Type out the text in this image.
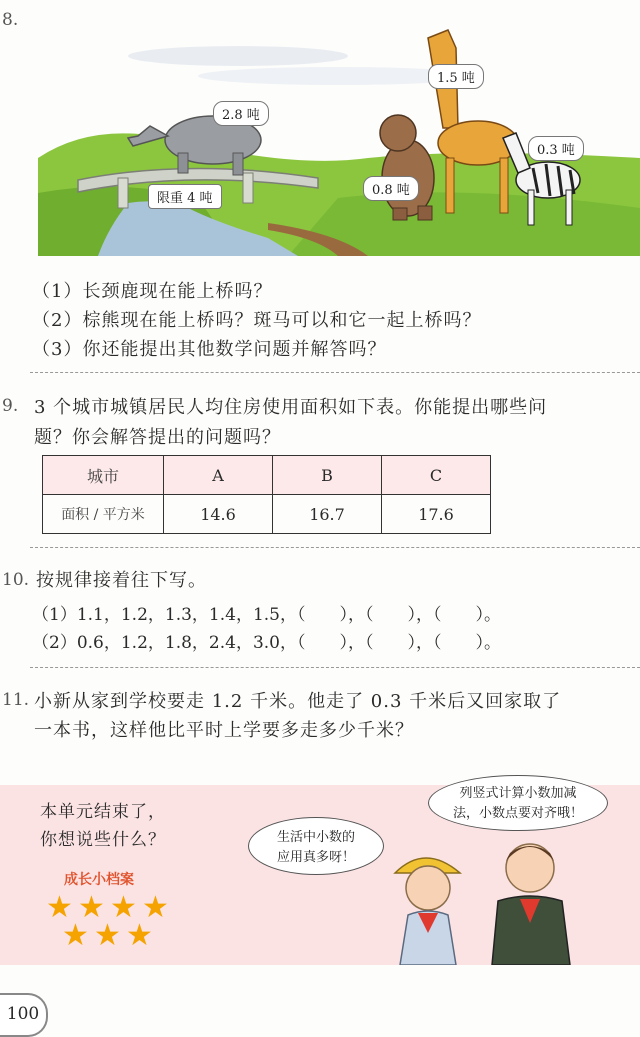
8.
2.8 吨
1.5 吨
0.8 吨
0.3 吨
限重 4 吨
（1）长颈鹿现在能上桥吗？
（2）棕熊现在能上桥吗？斑马可以和它一起上桥吗？
（3）你还能提出其他数学问题并解答吗？
9. 3 个城市城镇居民人均住房使用面积如下表。你能提出哪些问
题？你会解答提出的问题吗？
城市	A	B	C
面积 / 平方米	14.6	16.7	17.6
10. 按规律接着往下写。
（1）1.1，1.2，1.3，1.4，1.5，（　　），（　　），（　　）。
（2）0.6，1.2，1.8，2.4，3.0，（　　），（　　），（　　）。
11. 小新从家到学校要走 1.2 千米。他走了 0.3 千米后又回家取了
一本书，这样他比平时上学要多走多少千米？
本单元结束了，
你想说些什么？
成长小档案
★ ★ ★ ★
★ ★ ★
生活中小数的
应用真多呀！
列竖式计算小数加减
法，小数点要对齐哦！
100
